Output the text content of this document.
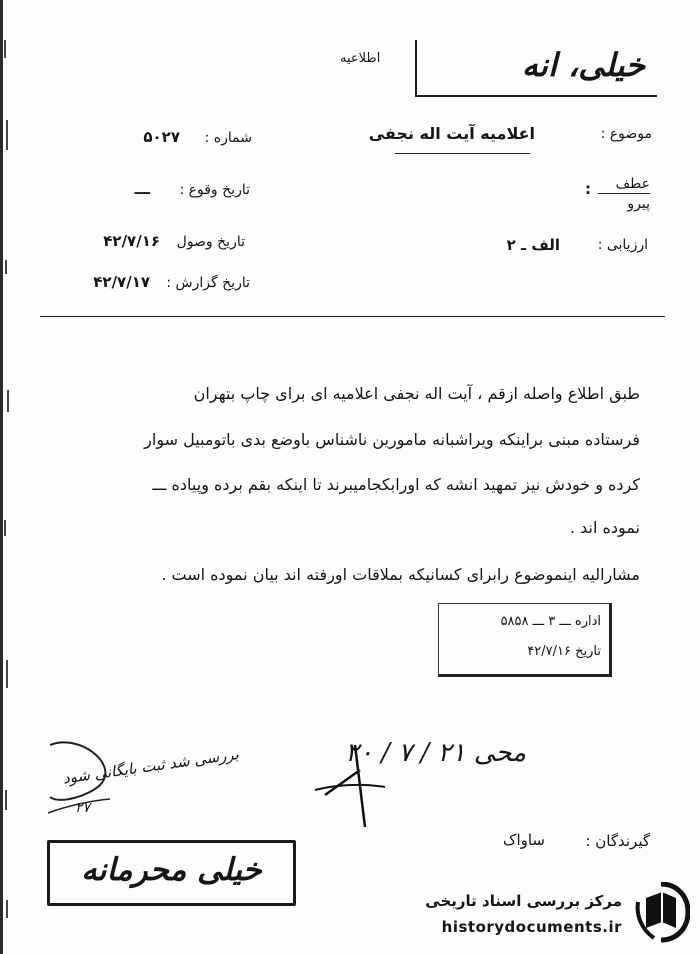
خیلی، انه
اطلاعیه
موضوع :
اعلامیه آیت اله نجفی
عطف
پیرو
:
ارزیابی :
الف ـ ۲
شماره :
۵۰۲۷
تاریخ وقوع :
ـــ
تاریخ وصول
۴۲/۷/۱۶
تاریخ گزارش :
۴۲/۷/۱۷
طبق اطلاع واصله ازقم ، آیت اله نجفی اعلامیه ای برای چاپ بتهران
فرستاده مبنی براینکه ویراشبانه مامورین ناشناس باوضع بدی باتومبیل سوار
کرده و خودش نیز تمهید انشه که اورابکجامیبرند تا اینکه بقم برده وپیاده ـــ
نموده اند .
مشارالیه اینموضوع رابرای کسانیکه بملاقات اورفته اند بیان نموده است .
اداره ـــ ۳ ـــ ۵۸۵۸
تاریخ ۴۲/۷/۱۶
بررسی شد ثبت بایگانی شود
۲۷
محی ۲۱ / ۷ / ۲۰
گیرندگان :
ساواک
خیلی محرمانه
مرکز بررسی اسناد تاریخی
historydocuments.ir
